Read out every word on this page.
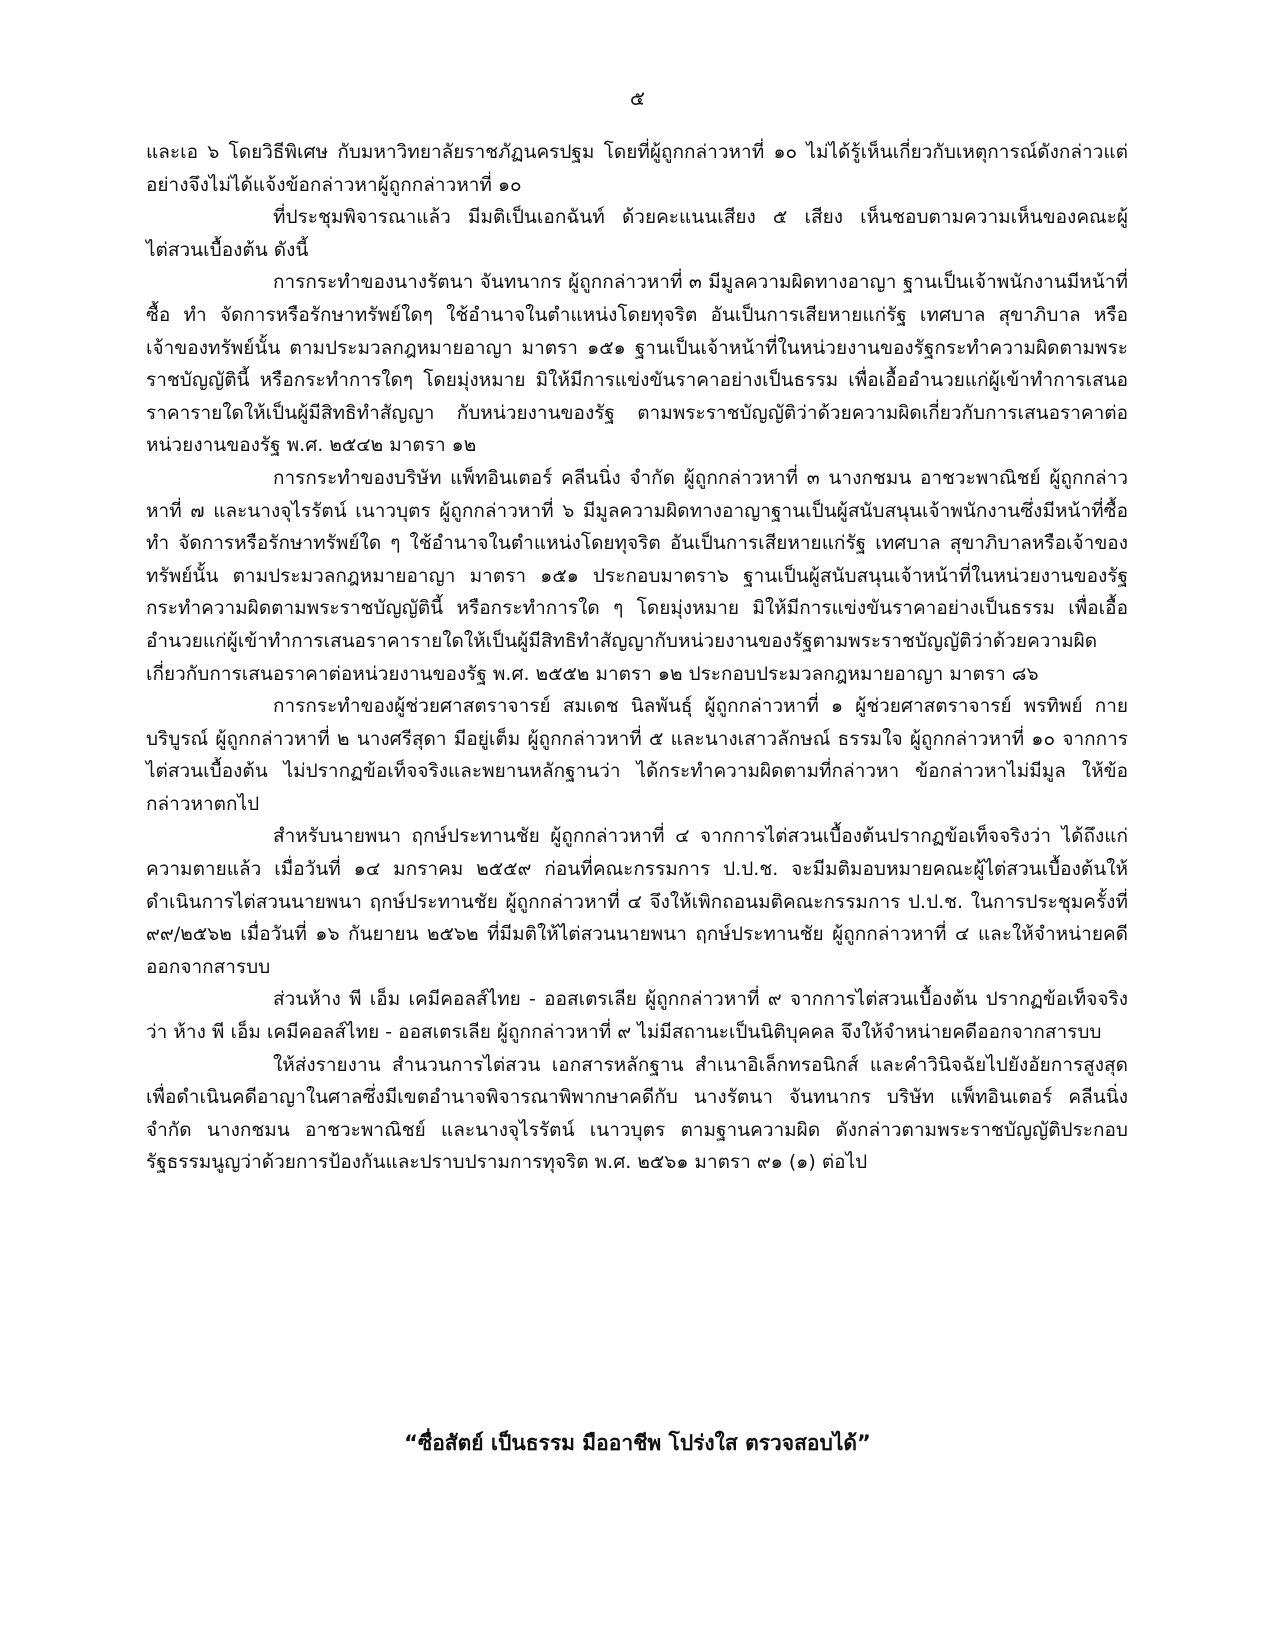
๕

และเอ ๖ โดยวิธีพิเศษ กับมหาวิทยาลัยราชภัฏนครปฐม โดยที่ผู้ถูกกล่าวหาที่ ๑๐ ไม่ได้รู้เห็นเกี่ยวกับเหตุการณ์ดังกล่าวแต่อย่างจึงไม่ได้แจ้งข้อกล่าวหาผู้ถูกกล่าวหาที่ ๑๐

ที่ประชุมพิจารณาแล้ว มีมติเป็นเอกฉันท์ ด้วยคะแนนเสียง ๕ เสียง เห็นชอบตามความเห็นของคณะผู้ไต่สวนเบื้องต้น ดังนี้

การกระทำของนางรัตนา จันทนากร ผู้ถูกกล่าวหาที่ ๓ มีมูลความผิดทางอาญา ฐานเป็นเจ้าพนักงานมีหน้าที่ซื้อ ทำ จัดการหรือรักษาทรัพย์ใดๆ ใช้อำนาจในตำแหน่งโดยทุจริต อันเป็นการเสียหายแก่รัฐ เทศบาล สุขาภิบาล หรือเจ้าของทรัพย์นั้น ตามประมวลกฎหมายอาญา มาตรา ๑๕๑ ฐานเป็นเจ้าหน้าที่ในหน่วยงานของรัฐกระทำความผิดตามพระราชบัญญัตินี้ หรือกระทำการใดๆ โดยมุ่งหมาย มิให้มีการแข่งขันราคาอย่างเป็นธรรม เพื่อเอื้ออำนวยแก่ผู้เข้าทำการเสนอราคารายใดให้เป็นผู้มีสิทธิทำสัญญา กับหน่วยงานของรัฐ ตามพระราชบัญญัติว่าด้วยความผิดเกี่ยวกับการเสนอราคาต่อหน่วยงานของรัฐ พ.ศ. ๒๕๔๒ มาตรา ๑๒

การกระทำของบริษัท แพ็ทอินเตอร์ คลีนนิ่ง จำกัด ผู้ถูกกล่าวหาที่ ๓ นางกชมน อาชวะพาณิชย์ ผู้ถูกกล่าวหาที่ ๗ และนางจุไรรัตน์ เนาวบุตร ผู้ถูกกล่าวหาที่ ๖ มีมูลความผิดทางอาญาฐานเป็นผู้สนับสนุนเจ้าพนักงานซึ่งมีหน้าที่ซื้อ ทำ จัดการหรือรักษาทรัพย์ใด ๆ ใช้อำนาจในตำแหน่งโดยทุจริต อันเป็นการเสียหายแก่รัฐ เทศบาล สุขาภิบาลหรือเจ้าของทรัพย์นั้น ตามประมวลกฎหมายอาญา มาตรา ๑๕๑ ประกอบมาตรา๖ ฐานเป็นผู้สนับสนุนเจ้าหน้าที่ในหน่วยงานของรัฐกระทำความผิดตามพระราชบัญญัตินี้ หรือกระทำการใด ๆ โดยมุ่งหมาย มิให้มีการแข่งขันราคาอย่างเป็นธรรม เพื่อเอื้ออำนวยแก่ผู้เข้าทำการเสนอราคารายใดให้เป็นผู้มีสิทธิทำสัญญากับหน่วยงานของรัฐตามพระราชบัญญัติว่าด้วยความผิดเกี่ยวกับการเสนอราคาต่อหน่วยงานของรัฐ พ.ศ. ๒๕๕๒ มาตรา ๑๒ ประกอบประมวลกฎหมายอาญา มาตรา ๘๖

การกระทำของผู้ช่วยศาสตราจารย์ สมเดช นิลพันธุ์ ผู้ถูกกล่าวหาที่ ๑ ผู้ช่วยศาสตราจารย์ พรทิพย์ กายบริบูรณ์ ผู้ถูกกล่าวหาที่ ๒ นางศรีสุดา มีอยู่เต็ม ผู้ถูกกล่าวหาที่ ๕ และนางเสาวลักษณ์ ธรรมใจ ผู้ถูกกล่าวหาที่ ๑๐ จากการไต่สวนเบื้องต้น ไม่ปรากฏข้อเท็จจริงและพยานหลักฐานว่า ได้กระทำความผิดตามที่กล่าวหา ข้อกล่าวหาไม่มีมูล ให้ข้อกล่าวหาตกไป

สำหรับนายพนา ฤกษ์ประทานชัย ผู้ถูกกล่าวหาที่ ๔ จากการไต่สวนเบื้องต้นปรากฏข้อเท็จจริงว่า ได้ถึงแก่ความตายแล้ว เมื่อวันที่ ๑๔ มกราคม ๒๕๕๙ ก่อนที่คณะกรรมการ ป.ป.ช. จะมีมติมอบหมายคณะผู้ไต่สวนเบื้องต้นให้ดำเนินการไต่สวนนายพนา ฤกษ์ประทานชัย ผู้ถูกกล่าวหาที่ ๔ จึงให้เพิกถอนมติคณะกรรมการ ป.ป.ช. ในการประชุมครั้งที่ ๙๙/๒๕๖๒ เมื่อวันที่ ๑๖ กันยายน ๒๕๖๒ ที่มีมติให้ไต่สวนนายพนา ฤกษ์ประทานชัย ผู้ถูกกล่าวหาที่ ๔ และให้จำหน่ายคดีออกจากสารบบ

ส่วนห้าง พี เอ็ม เคมีคอลส์ไทย - ออสเตรเลีย ผู้ถูกกล่าวหาที่ ๙ จากการไต่สวนเบื้องต้น ปรากฏข้อเท็จจริงว่า ห้าง พี เอ็ม เคมีคอลส์ไทย - ออสเตรเลีย ผู้ถูกกล่าวหาที่ ๙ ไม่มีสถานะเป็นนิติบุคคล จึงให้จำหน่ายคดีออกจากสารบบ

ให้ส่งรายงาน สำนวนการไต่สวน เอกสารหลักฐาน สำเนาอิเล็กทรอนิกส์ และคำวินิจฉัยไปยังอัยการสูงสุด เพื่อดำเนินคดีอาญาในศาลซึ่งมีเขตอำนาจพิจารณาพิพากษาคดีกับ นางรัตนา จันทนากร บริษัท แพ็ทอินเตอร์ คลีนนิ่ง จำกัด นางกชมน อาชวะพาณิชย์ และนางจุไรรัตน์ เนาวบุตร ตามฐานความผิด ดังกล่าวตามพระราชบัญญัติประกอบรัฐธรรมนูญว่าด้วยการป้องกันและปราบปรามการทุจริต พ.ศ. ๒๕๖๑ มาตรา ๙๑ (๑) ต่อไป

“ซื่อสัตย์ เป็นธรรม มืออาชีพ โปร่งใส ตรวจสอบได้”
